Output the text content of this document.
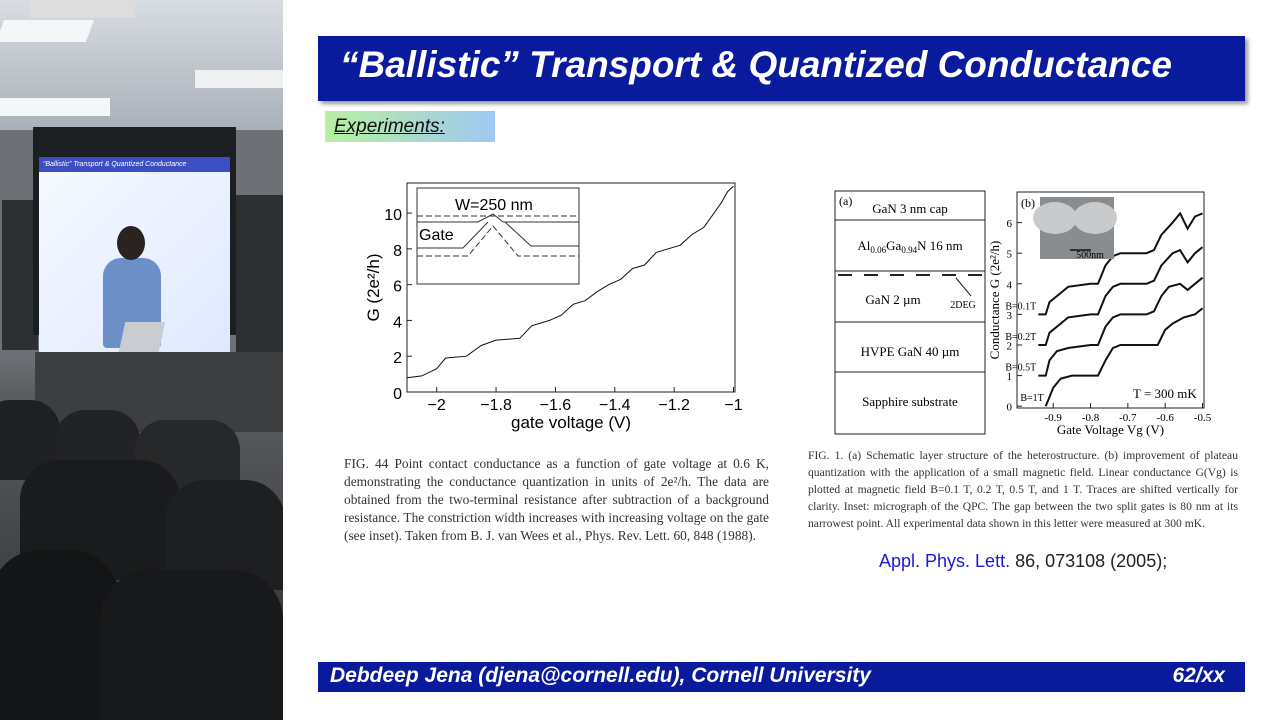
“Ballistic” Transport & Quantized Conductance
“Ballistic” Transport & Quantized Conductance
Experiments:
−2 −1.8 −1.6 −1.4 −1.2 −1
0
2
4
6
8
10
gate voltage (V)
G (2e²/h)
-0.9 -0.8 -0.7 -0.6 -0.5
0
1
2
3
4
5
6
Gate Voltage Vg (V)
Conductance G (2e²/h) B=0.1T
B=0.2T
B=0.5T
B=1T
W=250 nm
Gate
(a) GaN 3 nm cap
$Al_{0.06}Ga_{0.94}N$ 16 nm
GaN 2 µm	2DEG
HVPE GaN 40 µm
Sapphire substrate
500nm
(b)
T = 300 mK
FIG. 44 Point contact conductance as a function of gate voltage at 0.6 K, demonstrating the conductance quantization in units of 2e²/h. The data are obtained from the two-terminal resistance after subtraction of a background resistance. The constriction width increases with increasing voltage on the gate (see inset). Taken from B. J. van Wees et al., Phys. Rev. Lett. 60, 848 (1988).
FIG. 1. (a) Schematic layer structure of the heterostructure. (b) improvement of plateau quantization with the application of a small magnetic field. Linear conductance G(Vg) is plotted at magnetic field B=0.1 T, 0.2 T, 0.5 T, and 1 T. Traces are shifted vertically for clarity. Inset: micrograph of the QPC. The gap between the two split gates is 80 nm at its narrowest point. All experimental data shown in this letter were measured at 300 mK.
Appl. Phys. Lett. 86, 073108 (2005);
Debdeep Jena (djena@cornell.edu), Cornell University	62/xx
